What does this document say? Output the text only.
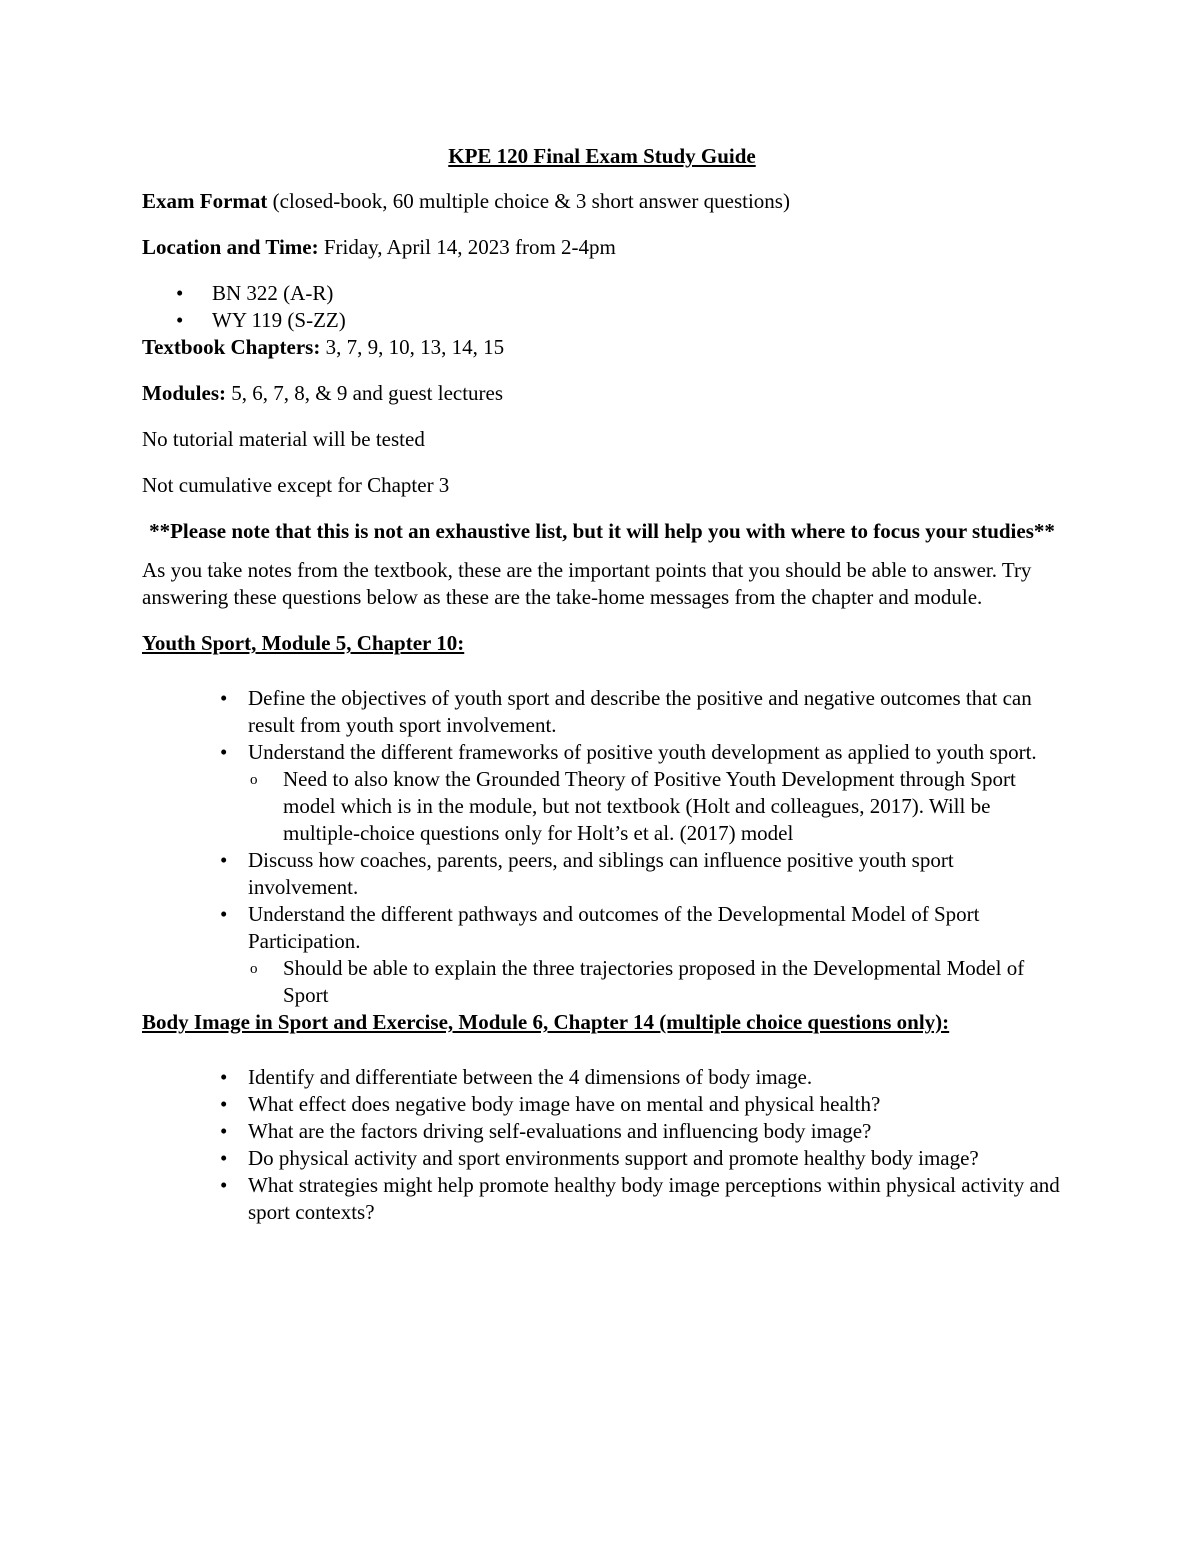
KPE 120 Final Exam Study Guide

Exam Format (closed-book, 60 multiple choice & 3 short answer questions)

Location and Time: Friday, April 14, 2023 from 2-4pm

• BN 322 (A-R)
• WY 119 (S-ZZ)

Textbook Chapters: 3, 7, 9, 10, 13, 14, 15

Modules: 5, 6, 7, 8, & 9 and guest lectures

No tutorial material will be tested

Not cumulative except for Chapter 3

**Please note that this is not an exhaustive list, but it will help you with where to focus your studies**

As you take notes from the textbook, these are the important points that you should be able to answer. Try answering these questions below as these are the take-home messages from the chapter and module.

Youth Sport, Module 5, Chapter 10:

• Define the objectives of youth sport and describe the positive and negative outcomes that can result from youth sport involvement.
• Understand the different frameworks of positive youth development as applied to youth sport.
o Need to also know the Grounded Theory of Positive Youth Development through Sport model which is in the module, but not textbook (Holt and colleagues, 2017). Will be multiple-choice questions only for Holt’s et al. (2017) model
• Discuss how coaches, parents, peers, and siblings can influence positive youth sport involvement.
• Understand the different pathways and outcomes of the Developmental Model of Sport Participation.
o Should be able to explain the three trajectories proposed in the Developmental Model of Sport

Body Image in Sport and Exercise, Module 6, Chapter 14 (multiple choice questions only):

• Identify and differentiate between the 4 dimensions of body image.
• What effect does negative body image have on mental and physical health?
• What are the factors driving self-evaluations and influencing body image?
• Do physical activity and sport environments support and promote healthy body image?
• What strategies might help promote healthy body image perceptions within physical activity and sport contexts?
